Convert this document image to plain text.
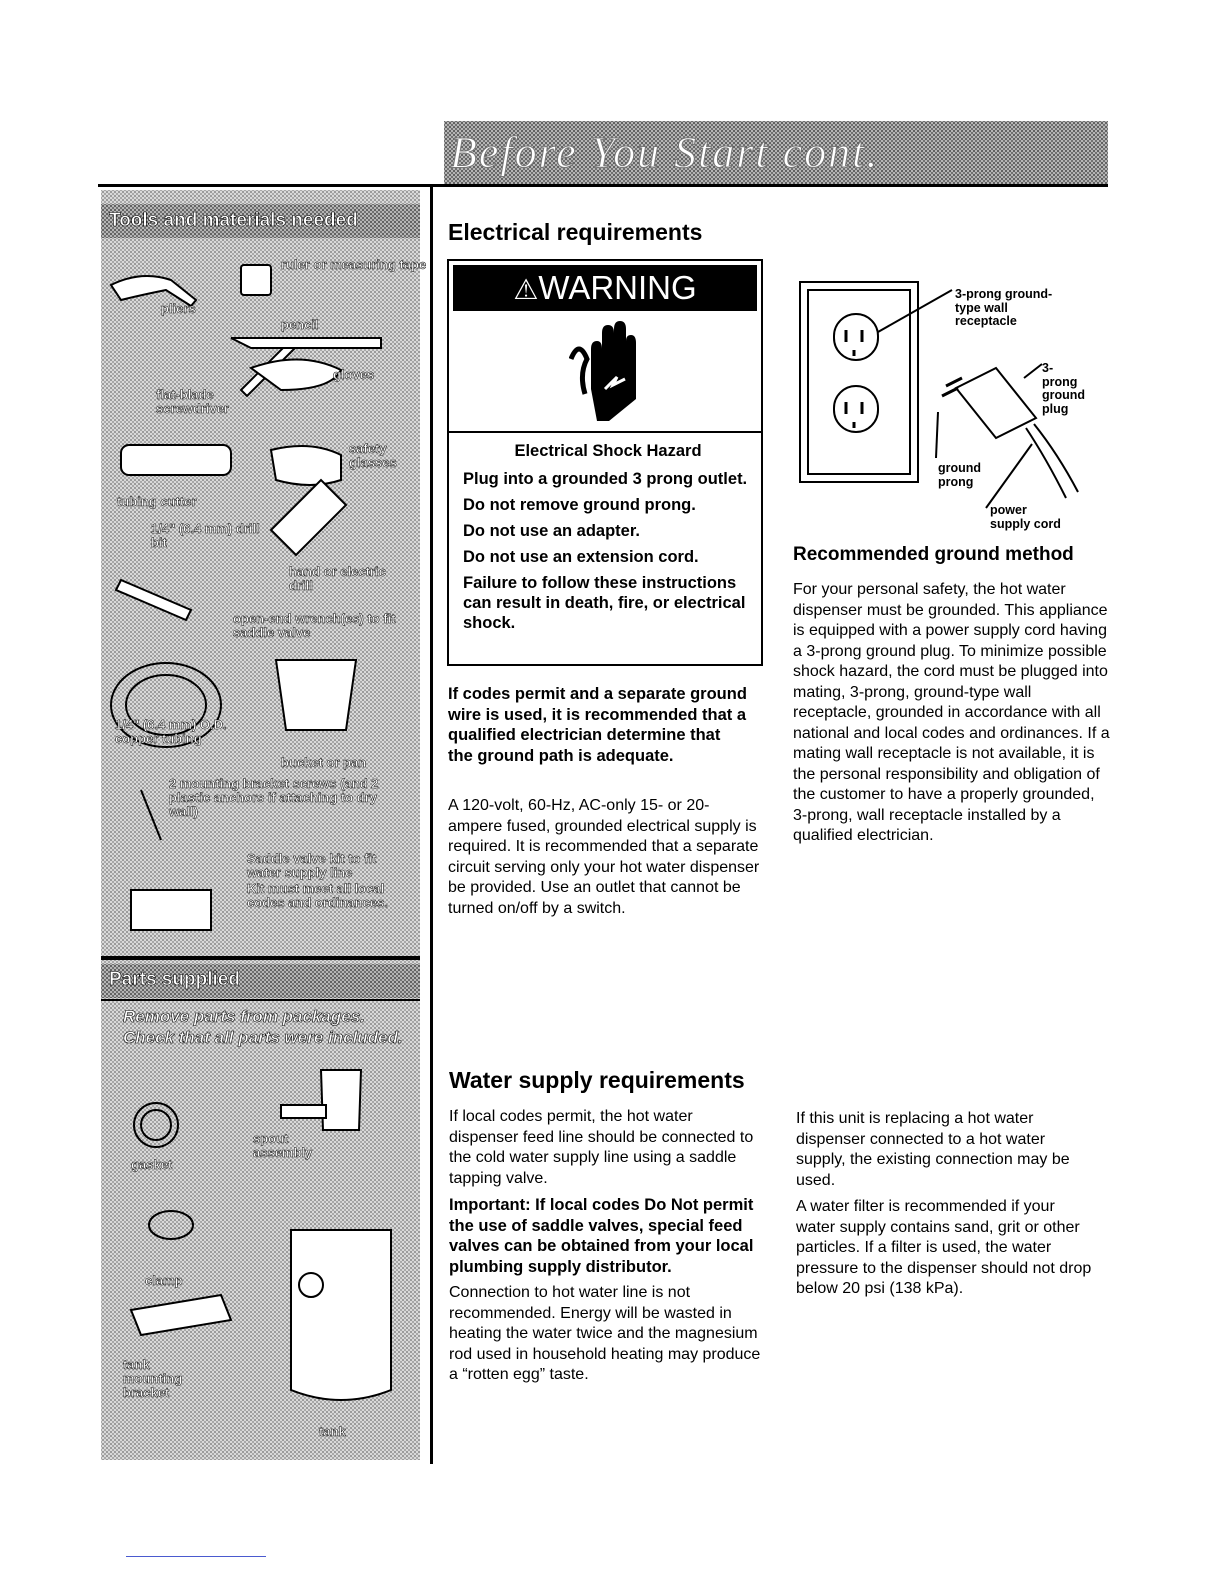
Before You Start cont.
Tools and materials needed
ruler or measuring tape
pliers
pencil
gloves
flat-blade screwdriver
safety glasses
tubing cutter
1/4" (6.4 mm) drill bit
hand or electric drill
open-end wrench(es) to fit saddle valve
1/4" (6.4 mm) O.D. copper tubing
bucket or pan
2 mounting bracket screws (and 2 plastic anchors if attaching to dry wall)
Saddle valve kit to fit water supply line
Kit must meet all local codes and ordinances.
Parts supplied
Remove parts from packages. Check that all parts were included.
gasket
spout assembly
clamp
tank mounting bracket
tank
Electrical requirements
⚠WARNING
Electrical Shock Hazard
Plug into a grounded 3 prong outlet.
Do not remove ground prong.
Do not use an adapter.
Do not use an extension cord.
Failure to follow these instructions can result in death, fire, or electrical shock.
If codes permit and a separate ground wire is used, it is recommended that a qualified electrician determine that the ground path is adequate.
A 120-volt, 60-Hz, AC-only 15- or 20- ampere fused, grounded electrical supply is required. It is recommended that a separate circuit serving only your hot water dispenser be provided. Use an outlet that cannot be turned on/off by a switch.
3-prong ground-type wall receptacle
3-prong ground plug
ground prong
power supply cord
Recommended ground method
For your personal safety, the hot water dispenser must be grounded. This appliance is equipped with a power supply cord having a 3-prong ground plug. To minimize possible shock hazard, the cord must be plugged into mating, 3-prong, ground-type wall receptacle, grounded in accordance with all national and local codes and ordinances. If a mating wall receptacle is not available, it is the personal responsibility and obligation of the customer to have a properly grounded, 3-prong, wall receptacle installed by a qualified electrician.
Water supply requirements

If local codes permit, the hot water dispenser feed line should be connected to the cold water supply line using a saddle tapping valve.

Important: If local codes Do Not permit the use of saddle valves, special feed valves can be obtained from your local plumbing supply distributor.

Connection to hot water line is not recommended. Energy will be wasted in heating the water twice and the magnesium rod used in household heating may produce a “rotten egg” taste.

If this unit is replacing a hot water dispenser connected to a hot water supply, the existing connection may be used.

A water filter is recommended if your water supply contains sand, grit or other particles. If a filter is used, the water pressure to the dispenser should not drop below 20 psi (138 kPa).
